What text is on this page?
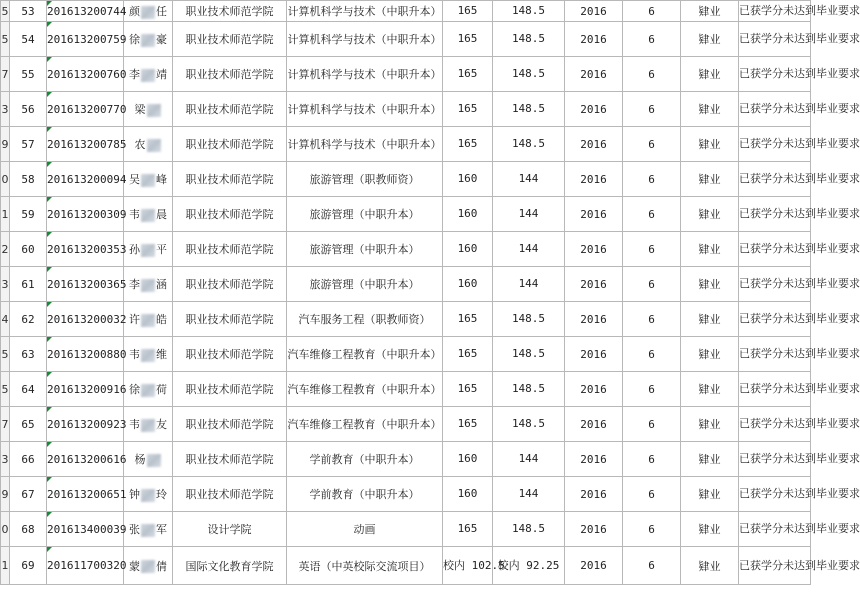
5	53	201613200744	颜 任	职业技术师范学院	计算机科学与技术（中职升本）	165	148.5	2016	6	肄业	已获学分未达到毕业要求
5	54	201613200759	徐 豪	职业技术师范学院	计算机科学与技术（中职升本）	165	148.5	2016	6	肄业	已获学分未达到毕业要求
7	55	201613200760	李 靖	职业技术师范学院	计算机科学与技术（中职升本）	165	148.5	2016	6	肄业	已获学分未达到毕业要求
3	56	201613200770	梁	职业技术师范学院	计算机科学与技术（中职升本）	165	148.5	2016	6	肄业	已获学分未达到毕业要求
9	57	201613200785	农	职业技术师范学院	计算机科学与技术（中职升本）	165	148.5	2016	6	肄业	已获学分未达到毕业要求
0	58	201613200094	吴 峰	职业技术师范学院	旅游管理（职教师资）	160	144	2016	6	肄业	已获学分未达到毕业要求
1	59	201613200309	韦 晨	职业技术师范学院	旅游管理（中职升本）	160	144	2016	6	肄业	已获学分未达到毕业要求
2	60	201613200353	孙 平	职业技术师范学院	旅游管理（中职升本）	160	144	2016	6	肄业	已获学分未达到毕业要求
3	61	201613200365	李 涵	职业技术师范学院	旅游管理（中职升本）	160	144	2016	6	肄业	已获学分未达到毕业要求
4	62	201613200032	许 皓	职业技术师范学院	汽车服务工程（职教师资）	165	148.5	2016	6	肄业	已获学分未达到毕业要求
5	63	201613200880	韦 维	职业技术师范学院	汽车维修工程教育（中职升本）	165	148.5	2016	6	肄业	已获学分未达到毕业要求
5	64	201613200916	徐 荷	职业技术师范学院	汽车维修工程教育（中职升本）	165	148.5	2016	6	肄业	已获学分未达到毕业要求
7	65	201613200923	韦 友	职业技术师范学院	汽车维修工程教育（中职升本）	165	148.5	2016	6	肄业	已获学分未达到毕业要求
3	66	201613200616	杨	职业技术师范学院	学前教育（中职升本）	160	144	2016	6	肄业	已获学分未达到毕业要求
9	67	201613200651	钟 玲	职业技术师范学院	学前教育（中职升本）	160	144	2016	6	肄业	已获学分未达到毕业要求
0	68	201613400039	张 军	设计学院	动画	165	148.5	2016	6	肄业	已获学分未达到毕业要求
1	69	201611700320	蒙 倩	国际文化教育学院	英语（中英校际交流项目）	校内 102.5	校内 92.25	2016	6	肄业	已获学分未达到毕业要求
